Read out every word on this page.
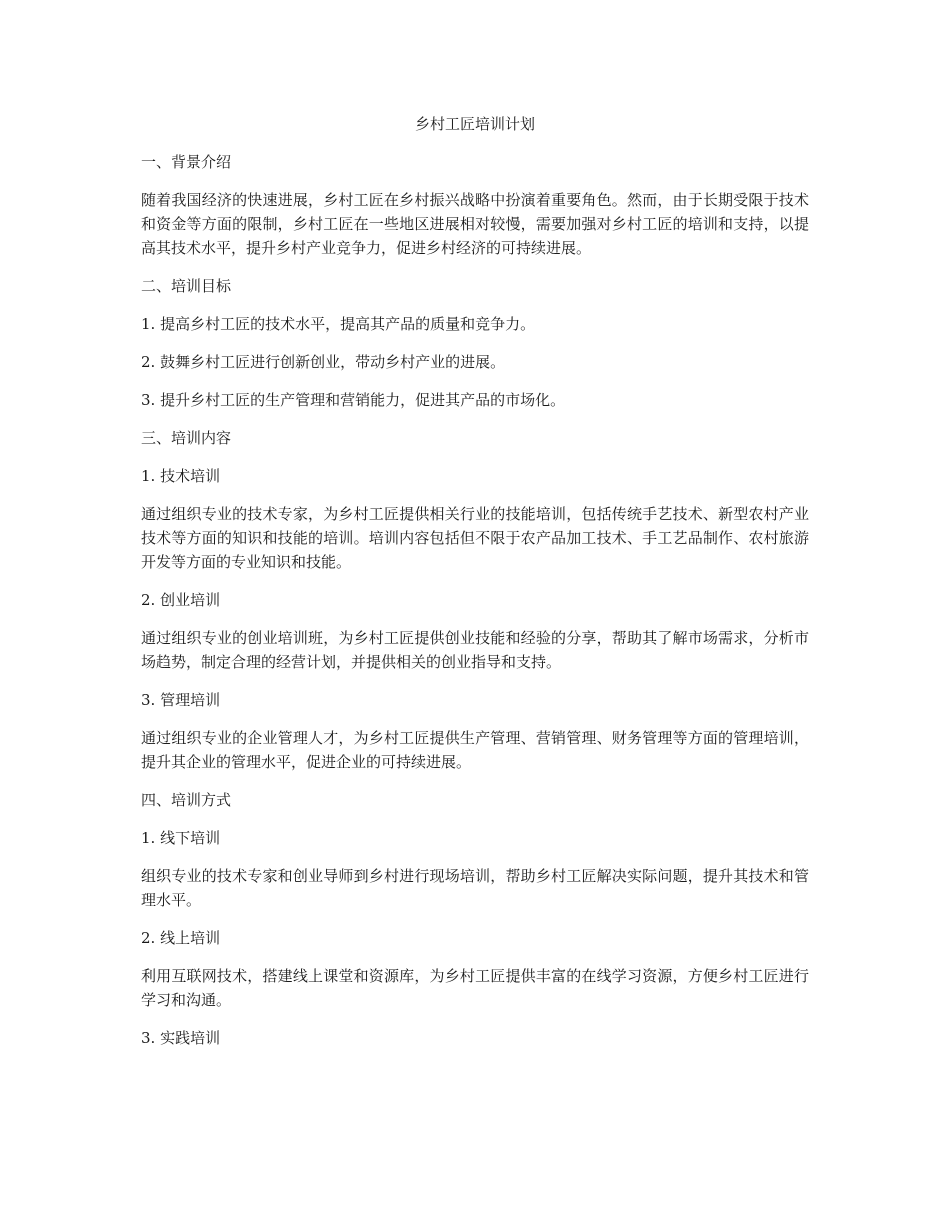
乡村工匠培训计划
一、背景介绍
随着我国经济的快速进展，乡村工匠在乡村振兴战略中扮演着重要角色。然而，由于长期受限于技术和资金等方面的限制，乡村工匠在一些地区进展相对较慢，需要加强对乡村工匠的培训和支持，以提高其技术水平，提升乡村产业竞争力，促进乡村经济的可持续进展。
二、培训目标
1. 提高乡村工匠的技术水平，提高其产品的质量和竞争力。
2. 鼓舞乡村工匠进行创新创业，带动乡村产业的进展。
3. 提升乡村工匠的生产管理和营销能力，促进其产品的市场化。
三、培训内容
1. 技术培训
通过组织专业的技术专家，为乡村工匠提供相关行业的技能培训，包括传统手艺技术、新型农村产业技术等方面的知识和技能的培训。培训内容包括但不限于农产品加工技术、手工艺品制作、农村旅游开发等方面的专业知识和技能。
2. 创业培训
通过组织专业的创业培训班，为乡村工匠提供创业技能和经验的分享，帮助其了解市场需求，分析市场趋势，制定合理的经营计划，并提供相关的创业指导和支持。
3. 管理培训
通过组织专业的企业管理人才，为乡村工匠提供生产管理、营销管理、财务管理等方面的管理培训，提升其企业的管理水平，促进企业的可持续进展。
四、培训方式
1. 线下培训
组织专业的技术专家和创业导师到乡村进行现场培训，帮助乡村工匠解决实际问题，提升其技术和管理水平。
2. 线上培训
利用互联网技术，搭建线上课堂和资源库，为乡村工匠提供丰富的在线学习资源，方便乡村工匠进行学习和沟通。
3. 实践培训
